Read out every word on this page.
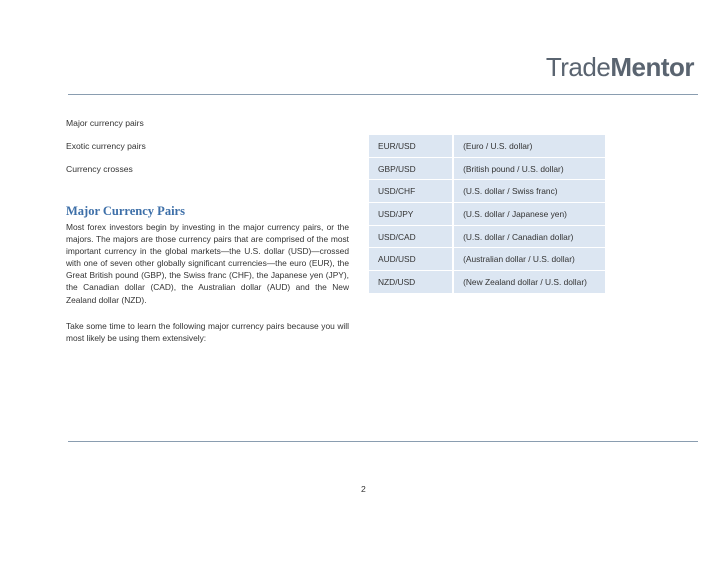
TradeMentor
Major currency pairs
Exotic currency pairs
Currency crosses
Major Currency Pairs
Most forex investors begin by investing in the major currency pairs, or the majors. The majors are those currency pairs that are comprised of the most important currency in the global markets—the U.S. dollar (USD)—crossed with one of seven other globally significant currencies—the euro (EUR), the Great British pound (GBP), the Swiss franc (CHF), the Japanese yen (JPY), the Canadian dollar (CAD), the Australian dollar (AUD) and the New Zealand dollar (NZD).
Take some time to learn the following major currency pairs because you will most likely be using them extensively:
EUR/USD	(Euro / U.S. dollar)
GBP/USD	(British pound / U.S. dollar)
USD/CHF	(U.S. dollar / Swiss franc)
USD/JPY	(U.S. dollar / Japanese yen)
USD/CAD	(U.S. dollar / Canadian dollar)
AUD/USD	(Australian dollar / U.S. dollar)
NZD/USD	(New Zealand dollar / U.S. dollar)
2
